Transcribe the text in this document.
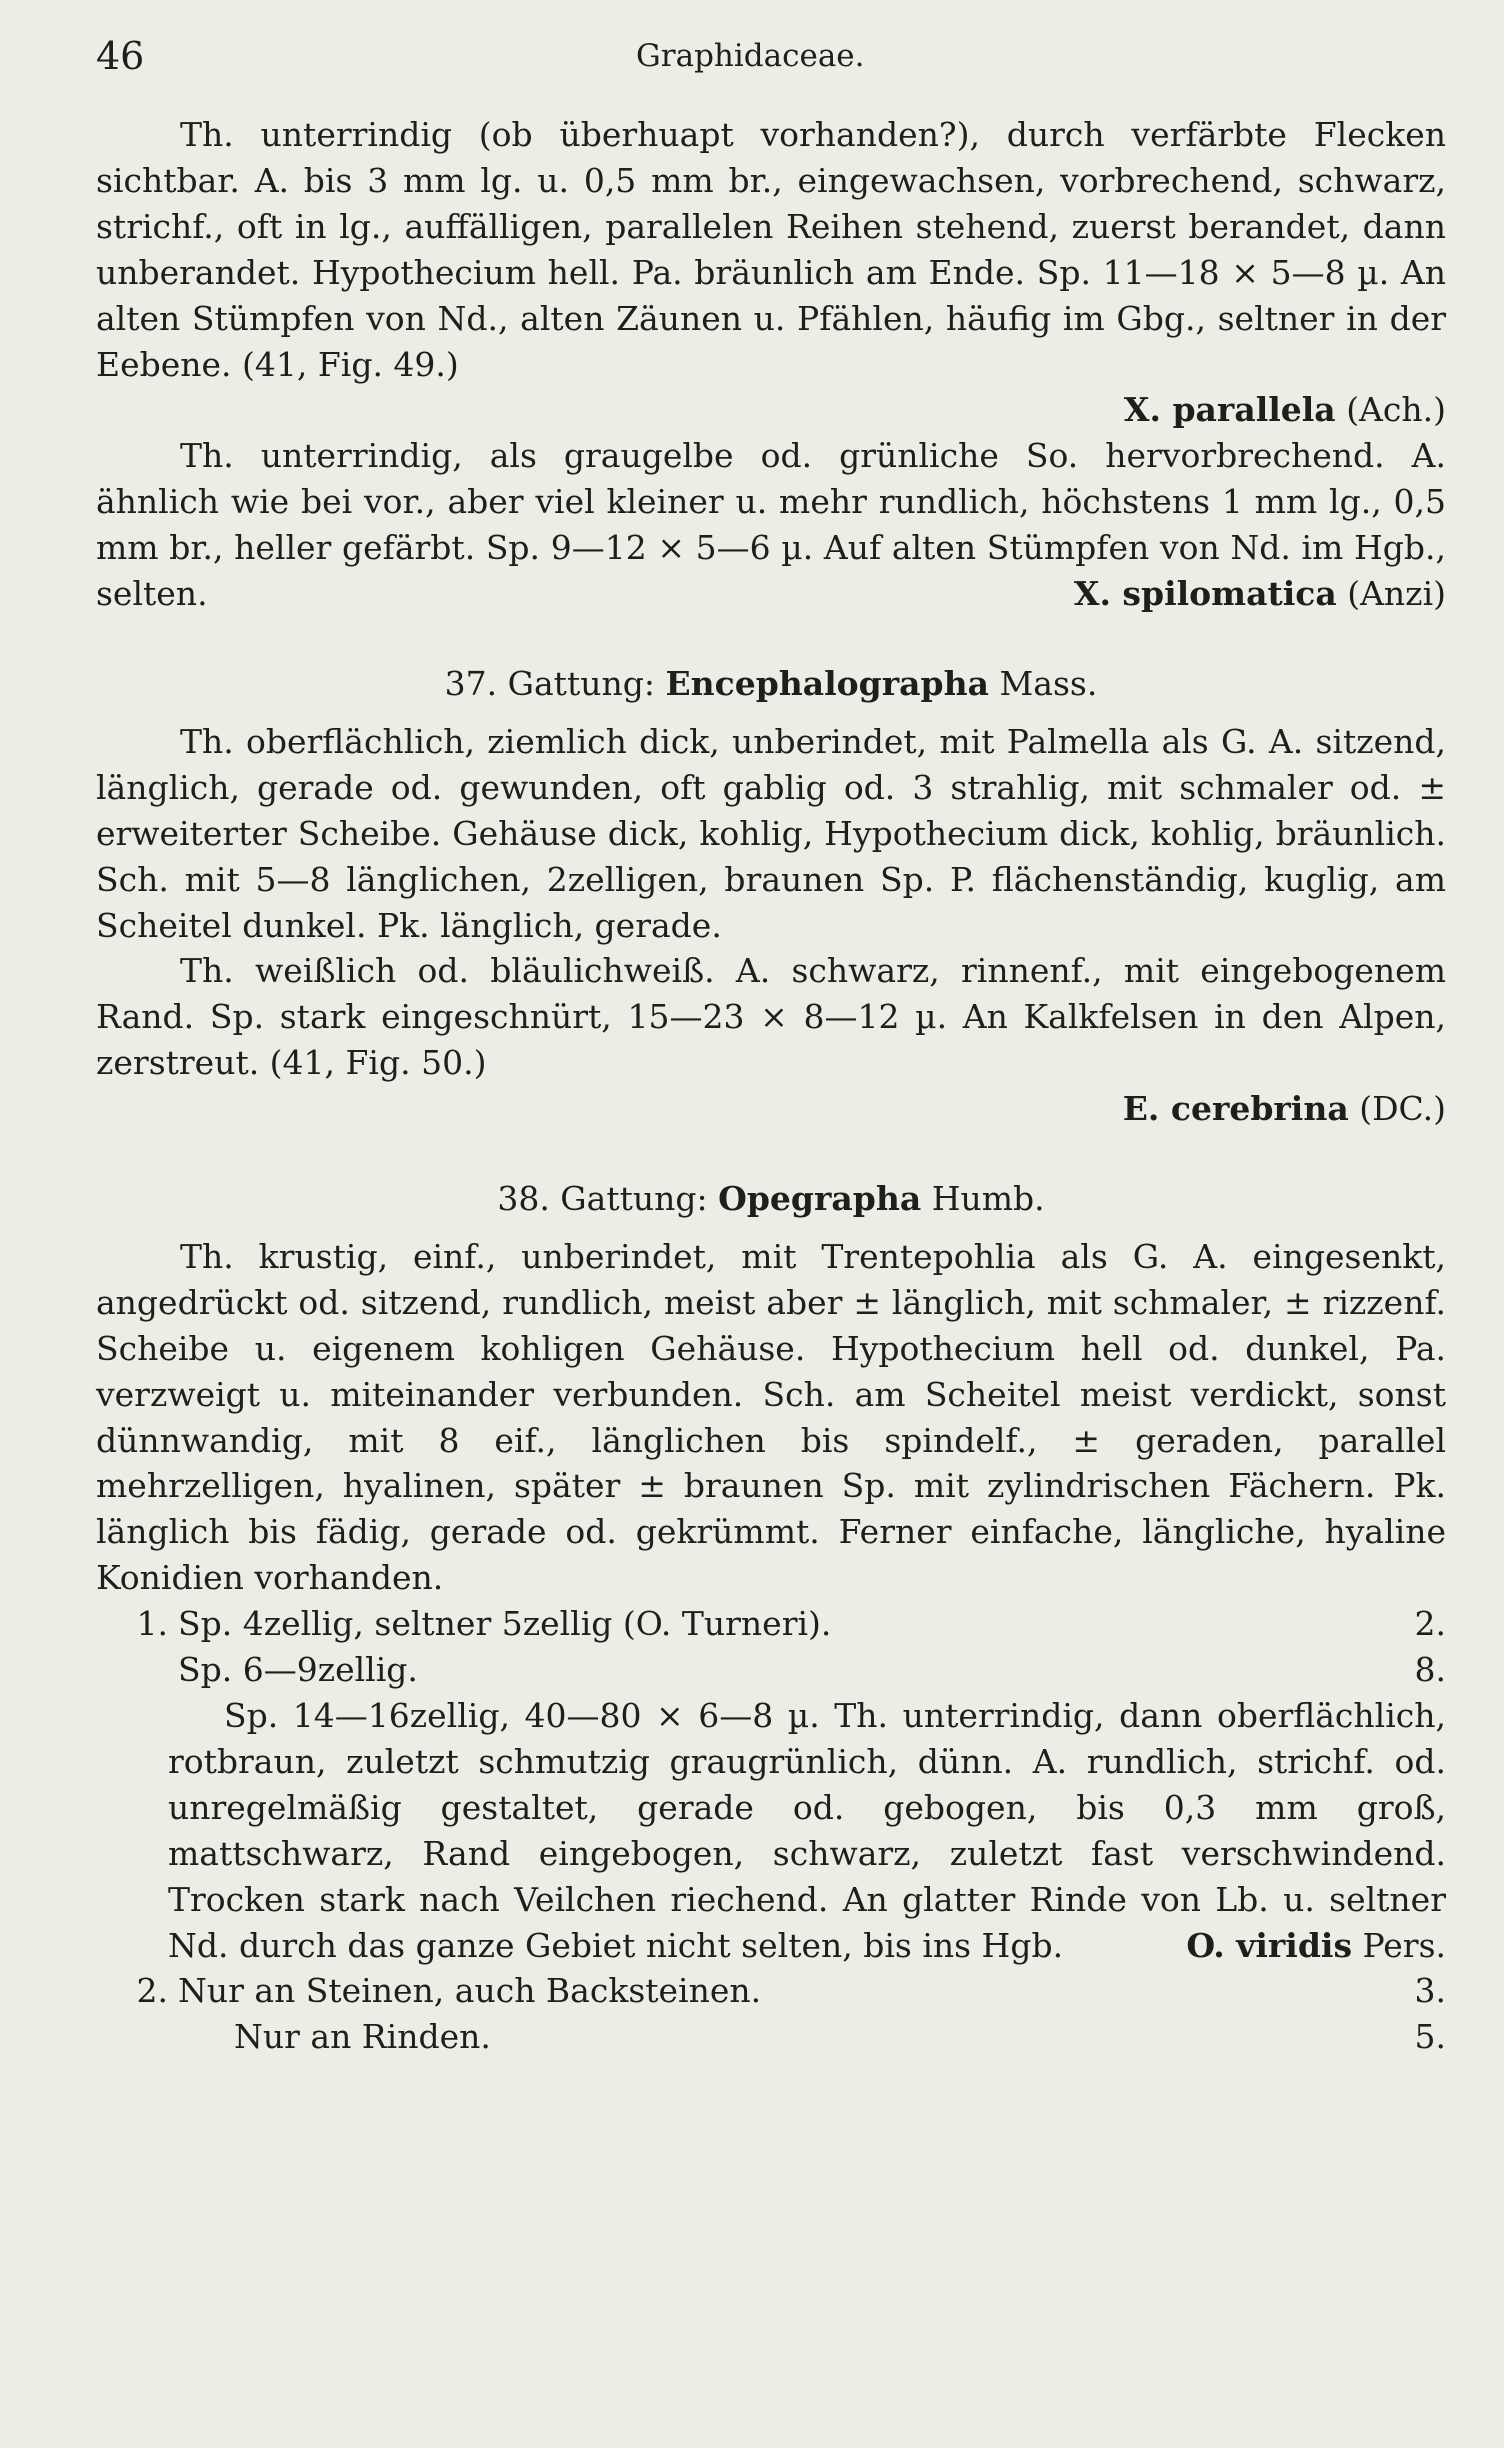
46	Graphidaceae.

Th. unterrindig (ob überhuapt vorhanden?), durch verfärbte Flecken sichtbar. A. bis 3 mm lg. u. 0,5 mm br., eingewachsen, vorbrechend, schwarz, strichf., oft in lg., auffälligen, parallelen Reihen stehend, zuerst berandet, dann unberandet. Hypothecium hell. Pa. bräunlich am Ende. Sp. 11—18 × 5—8 µ. An alten Stümpfen von Nd., alten Zäunen u. Pfählen, häufig im Gbg., seltner in der Eebene. (41, Fig. 49.)

X. parallela (Ach.)

Th. unterrindig, als graugelbe od. grünliche So. hervorbrechend. A. ähnlich wie bei vor., aber viel kleiner u. mehr rundlich, höchstens 1 mm lg., 0,5 mm br., heller gefärbt. Sp. 9—12 × 5—6 µ. Auf alten Stümpfen von Nd. im Hgb., selten.	X. spilomatica (Anzi)

37. Gattung: Encephalographa Mass.

Th. oberflächlich, ziemlich dick, unberindet, mit Palmella als G. A. sitzend, länglich, gerade od. gewunden, oft gablig od. 3 strahlig, mit schmaler od. ± erweiterter Scheibe. Gehäuse dick, kohlig, Hypothecium dick, kohlig, bräunlich. Sch. mit 5—8 länglichen, 2zelligen, braunen Sp. P. flächenständig, kuglig, am Scheitel dunkel. Pk. länglich, gerade.

Th. weißlich od. bläulichweiß. A. schwarz, rinnenf., mit eingebogenem Rand. Sp. stark eingeschnürt, 15—23 × 8—12 µ. An Kalkfelsen in den Alpen, zerstreut. (41, Fig. 50.)

E. cerebrina (DC.)
38. Gattung: Opegrapha Humb.

Th. krustig, einf., unberindet, mit Trentepohlia als G. A. eingesenkt, angedrückt od. sitzend, rundlich, meist aber ± länglich, mit schmaler, ± rizzenf. Scheibe u. eigenem kohligen Gehäuse. Hypothecium hell od. dunkel, Pa. verzweigt u. miteinander verbunden. Sch. am Scheitel meist verdickt, sonst dünnwandig, mit 8 eif., länglichen bis spindelf., ± geraden, parallel mehrzelligen, hyalinen, später ± braunen Sp. mit zylindrischen Fächern. Pk. länglich bis fädig, gerade od. gekrümmt. Ferner einfache, längliche, hyaline Konidien vorhanden.

1. Sp. 4zellig, seltner 5zellig (O. Turneri).	2.
Sp. 6—9zellig.	8.
Sp. 14—16zellig, 40—80 × 6—8 µ. Th. unterrindig, dann oberflächlich, rotbraun, zuletzt schmutzig graugrünlich, dünn. A. rundlich, strichf. od. unregelmäßig gestaltet, gerade od. gebogen, bis 0,3 mm groß, mattschwarz, Rand eingebogen, schwarz, zuletzt fast verschwindend. Trocken stark nach Veilchen riechend. An glatter Rinde von Lb. u. seltner Nd. durch das ganze Gebiet nicht selten, bis ins Hgb.	O. viridis Pers.
2. Nur an Steinen, auch Backsteinen.	3.
Nur an Rinden.	5.
